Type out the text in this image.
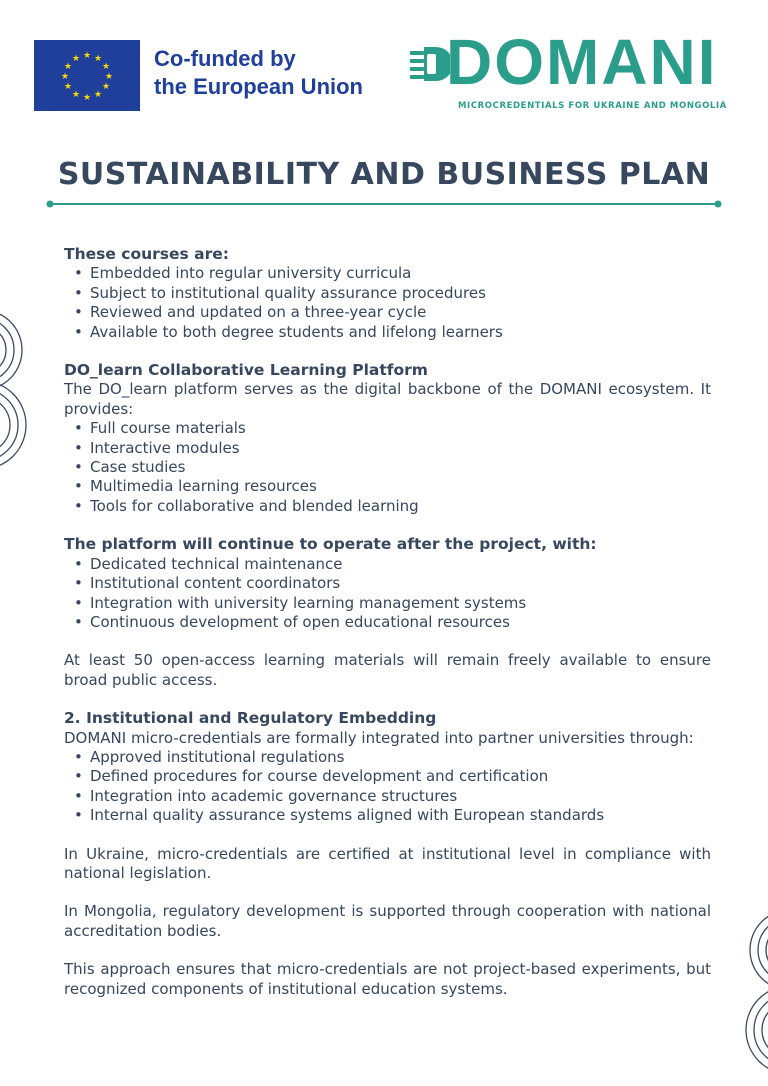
★ ★
★
★
★
★
★
★
★
★
★
★	Co-funded by
the European Union DOMANI
MICROCREDENTIALS FOR UKRAINE AND MONGOLIA
SUSTAINABILITY AND BUSINESS PLAN
These courses are:
• Embedded into regular university curricula
• Subject to institutional quality assurance procedures
• Reviewed and updated on a three-year cycle
• Available to both degree students and lifelong learners
DO_learn Collaborative Learning Platform

The DO_learn platform serves as the digital backbone of the DOMANI ecosystem. It provides:

• Full course materials
• Interactive modules
• Case studies
• Multimedia learning resources
• Tools for collaborative and blended learning
The platform will continue to operate after the project, with:
• Dedicated technical maintenance
• Institutional content coordinators
• Integration with university learning management systems
• Continuous development of open educational resources

At least 50 open-access learning materials will remain freely available to ensure broad public access.

2. Institutional and Regulatory Embedding

DOMANI micro-credentials are formally integrated into partner universities through:

• Approved institutional regulations
• Defined procedures for course development and certification
• Integration into academic governance structures
• Internal quality assurance systems aligned with European standards

In Ukraine, micro-credentials are certified at institutional level in compliance with national legislation.

In Mongolia, regulatory development is supported through cooperation with national accreditation bodies.

This approach ensures that micro-credentials are not project-based experiments, but recognized components of institutional education systems.
